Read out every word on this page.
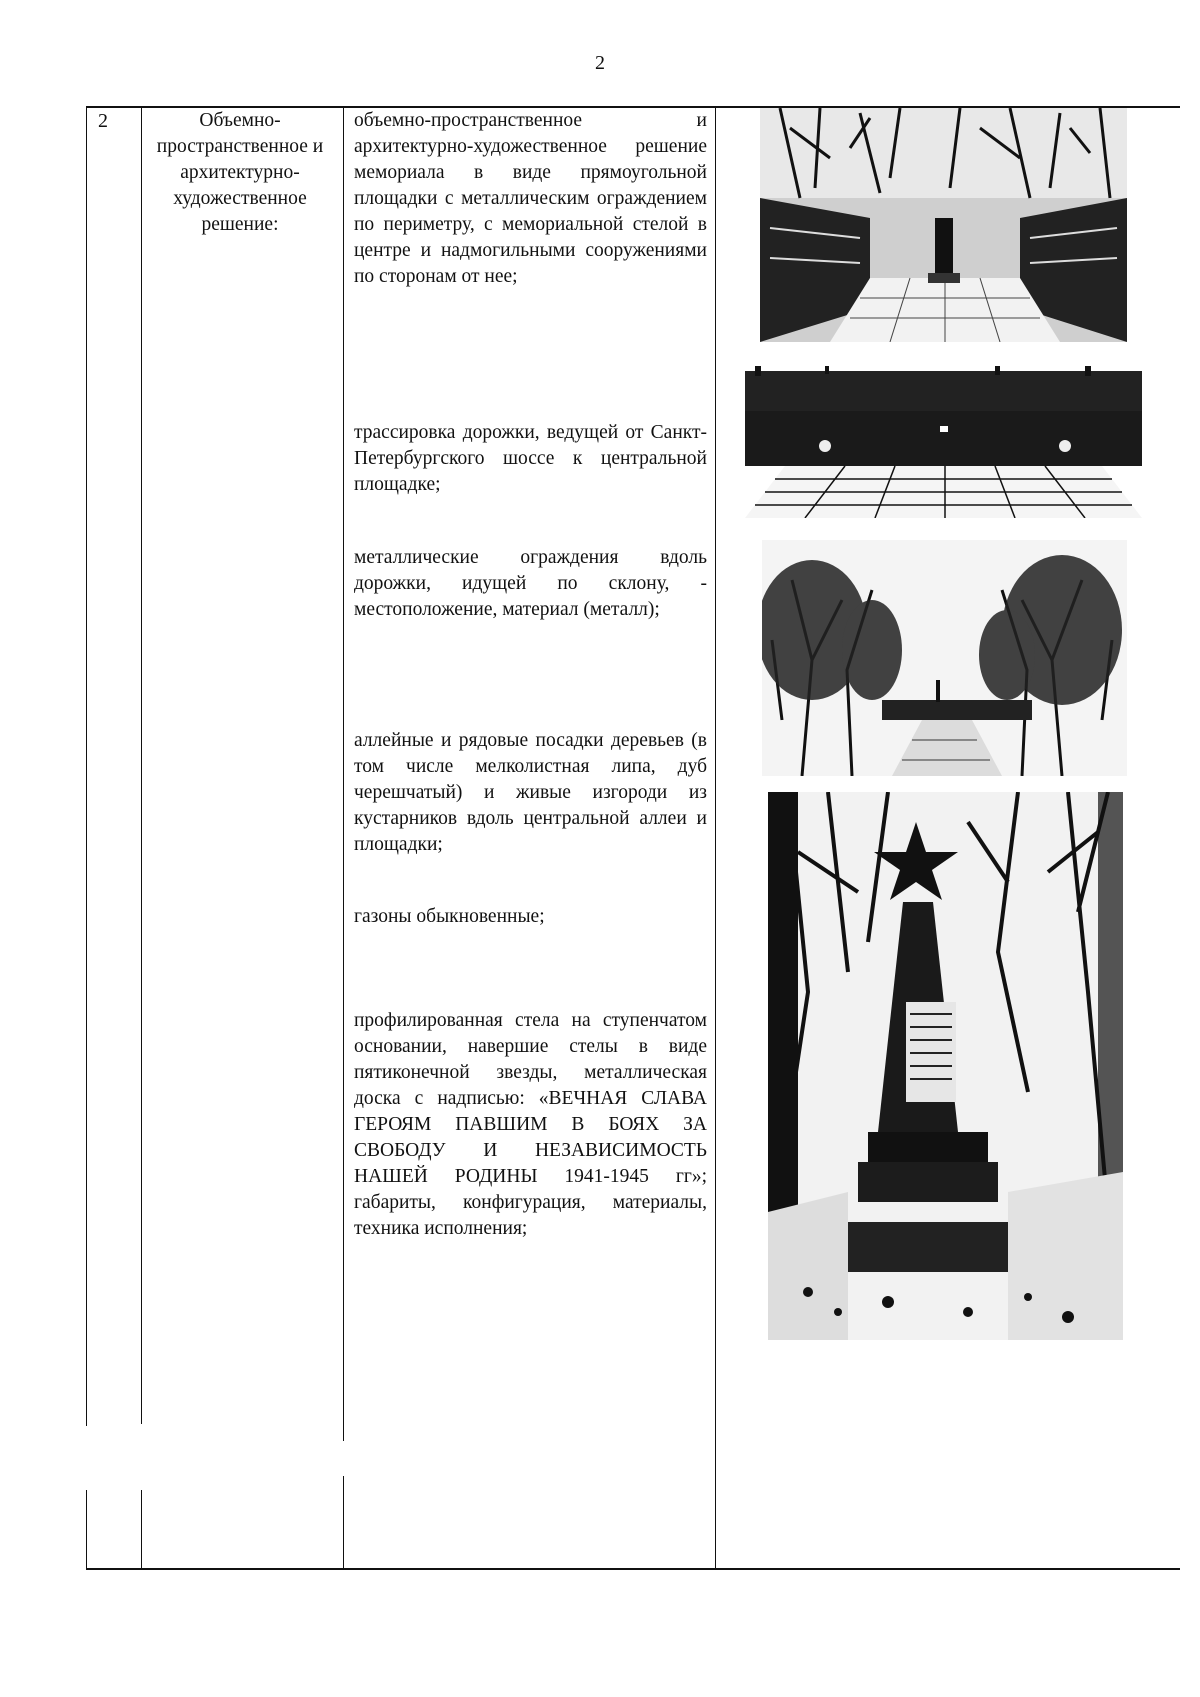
2
2	Объемно-пространственное и архитектурно-художественное решение:
объемно-пространственное и архитектурно-художественное решение мемориала в виде прямоугольной площадки с металлическим ограждением по периметру, с мемориальной стелой в центре и надмогильными сооружениями по сторонам от нее;
трассировка дорожки, ведущей от Санкт-Петербургского шоссе к центральной площадке;
металлические ограждения вдоль дорожки, идущей по склону, - местоположение, материал (металл);
аллейные и рядовые посадки деревьев (в том числе мелколистная липа, дуб черешчатый) и живые изгороди из кустарников вдоль центральной аллеи и площадки;
газоны обыкновенные;
профилированная стела на ступенчатом основании, навершие стелы в виде пятиконечной звезды, металлическая доска с надписью: «ВЕЧНАЯ СЛАВА ГЕРОЯМ ПАВШИМ В БОЯХ ЗА СВОБОДУ И НЕЗАВИСИМОСТЬ НАШЕЙ РОДИНЫ 1941-1945 гг»; габариты, конфигурация, материалы, техника исполнения;
